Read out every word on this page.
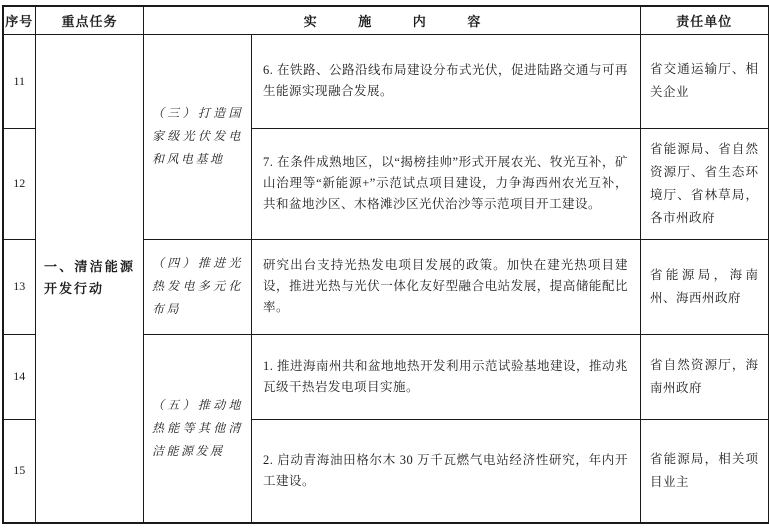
序号	重点任务	实施内容		责任单位
11	一、清洁能源开发行动	（三）打造国家级光伏发电和风电基地	6. 在铁路、公路沿线布局建设分布式光伏，促进陆路交通与可再生能源实现融合发展。	省交通运输厅、相关企业
12			7. 在条件成熟地区，以“揭榜挂帅”形式开展农光、牧光互补，矿山治理等“新能源+”示范试点项目建设，力争海西州农光互补，共和盆地沙区、木格滩沙区光伏治沙等示范项目开工建设。	省能源局、省自然资源厅、省生态环境厅、省林草局，各市州政府
13		（四）推进光热发电多元化布局	研究出台支持光热发电项目发展的政策。加快在建光热项目建设，推进光热与光伏一体化友好型融合电站发展，提高储能配比率。	省能源局，海南州、海西州政府
14		（五）推动地热能等其他清洁能源发展	1. 推进海南州共和盆地地热开发利用示范试验基地建设，推动兆瓦级干热岩发电项目实施。	省自然资源厅，海南州政府
15			2. 启动青海油田格尔木 30 万千瓦燃气电站经济性研究，年内开工建设。	省能源局，相关项目业主
